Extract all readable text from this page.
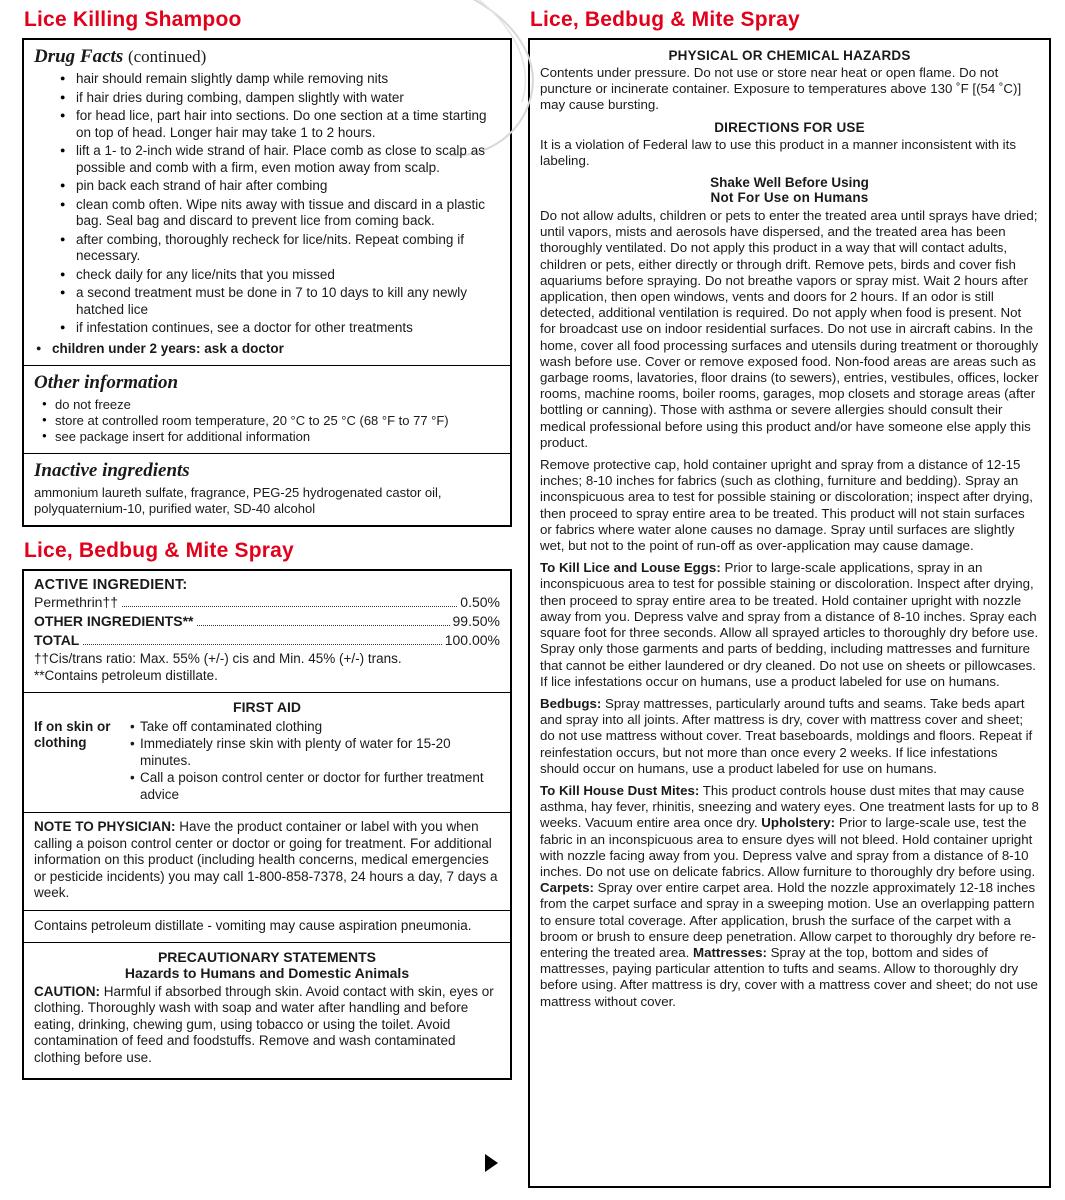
Lice Killing Shampoo
Drug Facts (continued)
● hair should remain slightly damp while removing nits
● if hair dries during combing, dampen slightly with water
● for head lice, part hair into sections. Do one section at a time starting on top of head. Longer hair may take 1 to 2 hours.
● lift a 1- to 2-inch wide strand of hair. Place comb as close to scalp as possible and comb with a firm, even motion away from scalp.
● pin back each strand of hair after combing
● clean comb often. Wipe nits away with tissue and discard in a plastic bag. Seal bag and discard to prevent lice from coming back.
● after combing, thoroughly recheck for lice/nits. Repeat combing if necessary.
● check daily for any lice/nits that you missed
● a second treatment must be done in 7 to 10 days to kill any newly hatched lice
● if infestation continues, see a doctor for other treatments
● children under 2 years: ask a doctor
Other information
● do not freeze
● store at controlled room temperature, 20 °C to 25 °C (68 °F to 77 °F)
● see package insert for additional information
Inactive ingredients
ammonium laureth sulfate, fragrance, PEG-25 hydrogenated castor oil, polyquaternium-10, purified water, SD-40 alcohol
Lice, Bedbug & Mite Spray
ACTIVE INGREDIENT:
Permethrin††	0.50%
OTHER INGREDIENTS**	99.50%
TOTAL	100.00%
††Cis/trans ratio: Max. 55% (+/-) cis and Min. 45% (+/-) trans.
**Contains petroleum distillate.
FIRST AID
If on skin or clothing
• Take off contaminated clothing
• Immediately rinse skin with plenty of water for 15-20 minutes.
• Call a poison control center or doctor for further treatment advice
NOTE TO PHYSICIAN: Have the product container or label with you when calling a poison control center or doctor or going for treatment. For additional information on this product (including health concerns, medical emergencies or pesticide incidents) you may call 1-800-858-7378, 24 hours a day, 7 days a week.
Contains petroleum distillate - vomiting may cause aspiration pneumonia.
PRECAUTIONARY STATEMENTS
Hazards to Humans and Domestic Animals
CAUTION: Harmful if absorbed through skin. Avoid contact with skin, eyes or clothing. Thoroughly wash with soap and water after handling and before eating, drinking, chewing gum, using tobacco or using the toilet. Avoid contamination of feed and foodstuffs. Remove and wash contaminated clothing before use.
Lice, Bedbug & Mite Spray
PHYSICAL OR CHEMICAL HAZARDS
Contents under pressure. Do not use or store near heat or open flame. Do not puncture or incinerate container. Exposure to temperatures above 130 ˚F [(54 ˚C)] may cause bursting.
DIRECTIONS FOR USE
It is a violation of Federal law to use this product in a manner inconsistent with its labeling.
Shake Well Before Using
Not For Use on Humans
Do not allow adults, children or pets to enter the treated area until sprays have dried; until vapors, mists and aerosols have dispersed, and the treated area has been thoroughly ventilated. Do not apply this product in a way that will contact adults, children or pets, either directly or through drift. Remove pets, birds and cover fish aquariums before spraying. Do not breathe vapors or spray mist. Wait 2 hours after application, then open windows, vents and doors for 2 hours. If an odor is still detected, additional ventilation is required. Do not apply when food is present. Not for broadcast use on indoor residential surfaces. Do not use in aircraft cabins. In the home, cover all food processing surfaces and utensils during treatment or thoroughly wash before use. Cover or remove exposed food. Non-food areas are areas such as garbage rooms, lavatories, floor drains (to sewers), entries, vestibules, offices, locker rooms, machine rooms, boiler rooms, garages, mop closets and storage areas (after bottling or canning). Those with asthma or severe allergies should consult their medical professional before using this product and/or have someone else apply this product.
Remove protective cap, hold container upright and spray from a distance of 12-15 inches; 8-10 inches for fabrics (such as clothing, furniture and bedding). Spray an inconspicuous area to test for possible staining or discoloration; inspect after drying, then proceed to spray entire area to be treated. This product will not stain surfaces or fabrics where water alone causes no damage. Spray until surfaces are slightly wet, but not to the point of run-off as over-application may cause damage.
To Kill Lice and Louse Eggs: Prior to large-scale applications, spray in an inconspicuous area to test for possible staining or discoloration. Inspect after drying, then proceed to spray entire area to be treated. Hold container upright with nozzle away from you. Depress valve and spray from a distance of 8-10 inches. Spray each square foot for three seconds. Allow all sprayed articles to thoroughly dry before use. Spray only those garments and parts of bedding, including mattresses and furniture that cannot be either laundered or dry cleaned. Do not use on sheets or pillowcases. If lice infestations occur on humans, use a product labeled for use on humans.
Bedbugs: Spray mattresses, particularly around tufts and seams. Take beds apart and spray into all joints. After mattress is dry, cover with mattress cover and sheet; do not use mattress without cover. Treat baseboards, moldings and floors. Repeat if reinfestation occurs, but not more than once every 2 weeks. If lice infestations should occur on humans, use a product labeled for use on humans.
To Kill House Dust Mites: This product controls house dust mites that may cause asthma, hay fever, rhinitis, sneezing and watery eyes. One treatment lasts for up to 8 weeks. Vacuum entire area once dry. Upholstery: Prior to large-scale use, test the fabric in an inconspicuous area to ensure dyes will not bleed. Hold container upright with nozzle facing away from you. Depress valve and spray from a distance of 8-10 inches. Do not use on delicate fabrics. Allow furniture to thoroughly dry before using. Carpets: Spray over entire carpet area. Hold the nozzle approximately 12-18 inches from the carpet surface and spray in a sweeping motion. Use an overlapping pattern to ensure total coverage. After application, brush the surface of the carpet with a broom or brush to ensure deep penetration. Allow carpet to thoroughly dry before re-entering the treated area. Mattresses: Spray at the top, bottom and sides of mattresses, paying particular attention to tufts and seams. Allow to thoroughly dry before using. After mattress is dry, cover with a mattress cover and sheet; do not use mattress without cover.
